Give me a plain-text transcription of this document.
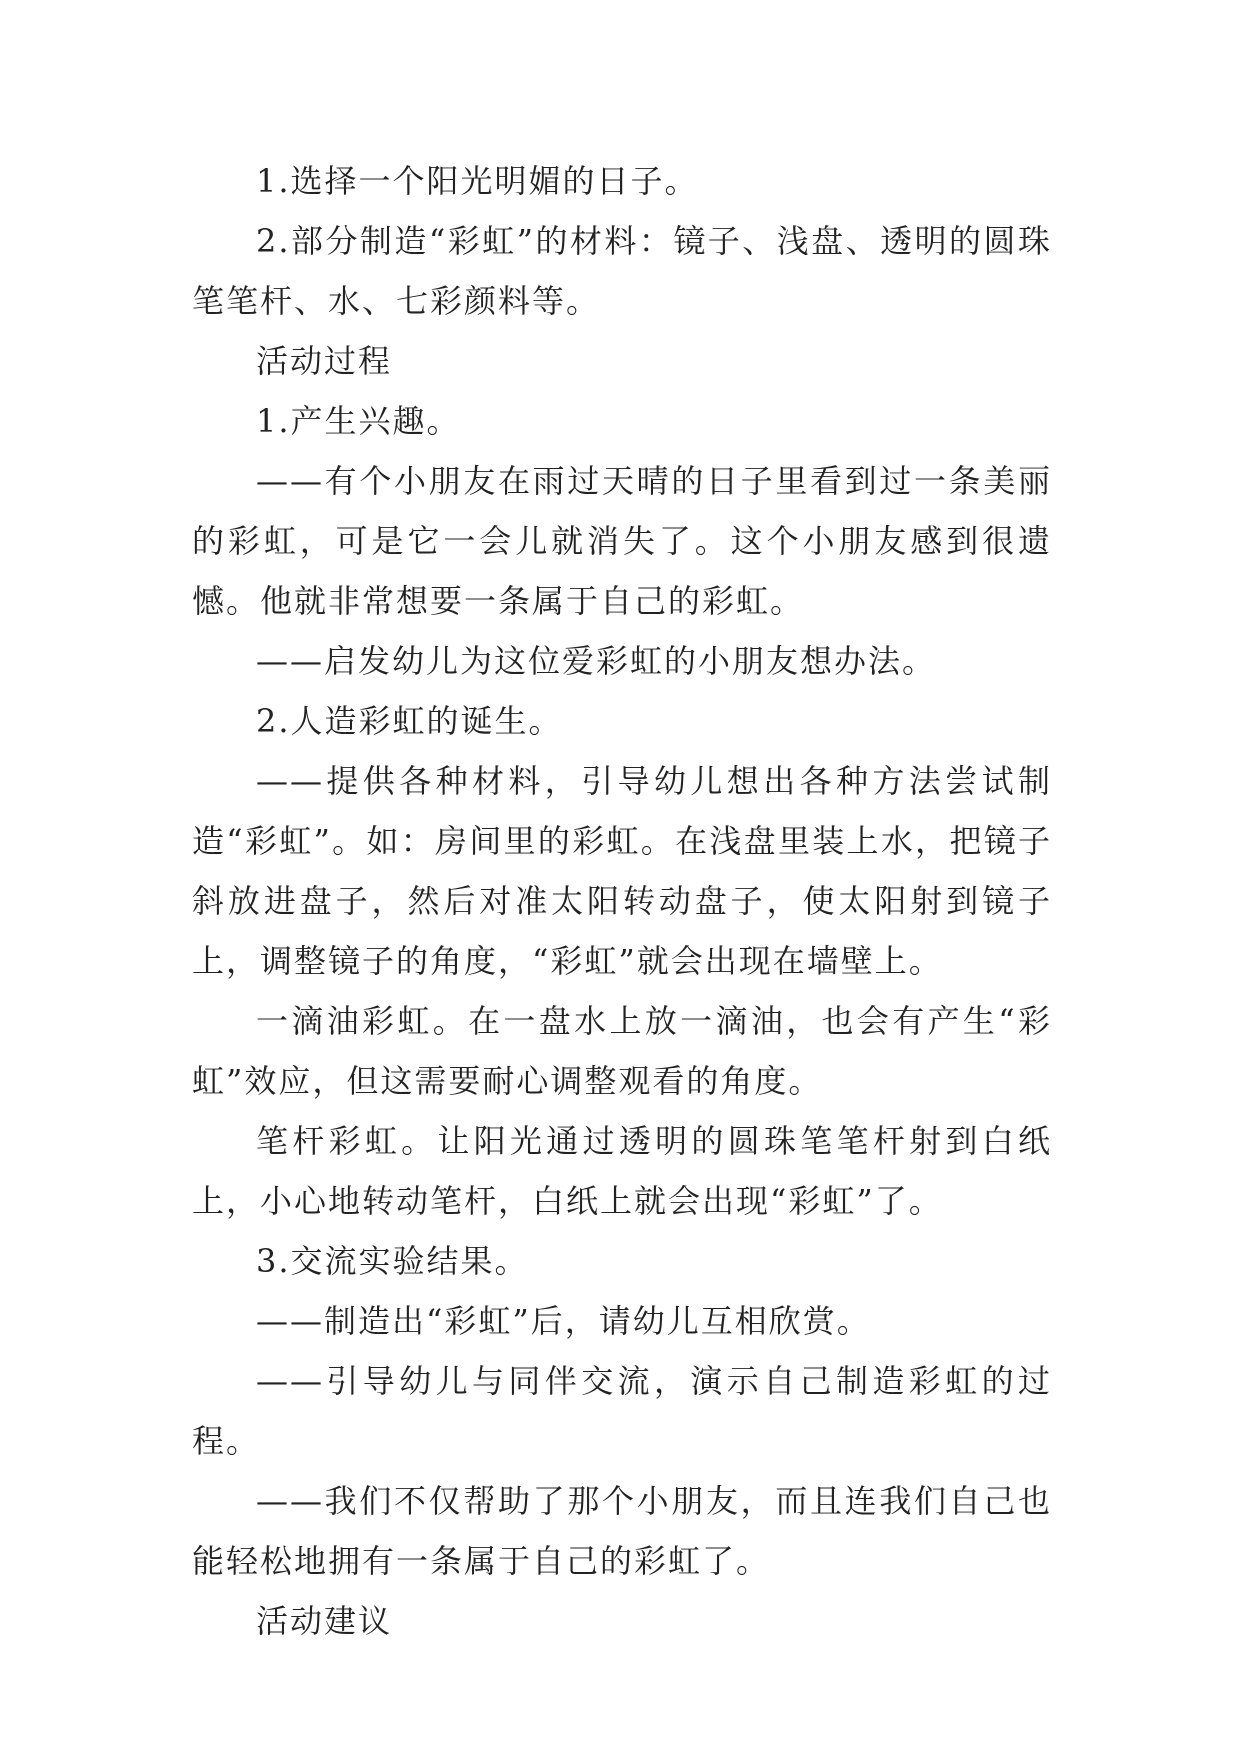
1.选择一个阳光明媚的日子。

2.部分制造“彩虹”的材料：镜子、浅盘、透明的圆珠笔笔杆、水、七彩颜料等。

活动过程

1.产生兴趣。

——有个小朋友在雨过天晴的日子里看到过一条美丽的彩虹，可是它一会儿就消失了。这个小朋友感到很遗憾。他就非常想要一条属于自己的彩虹。

——启发幼儿为这位爱彩虹的小朋友想办法。

2.人造彩虹的诞生。

——提供各种材料，引导幼儿想出各种方法尝试制造“彩虹”。如：房间里的彩虹。在浅盘里装上水，把镜子斜放进盘子，然后对准太阳转动盘子，使太阳射到镜子上，调整镜子的角度，“彩虹”就会出现在墙壁上。

一滴油彩虹。在一盘水上放一滴油，也会有产生“彩虹”效应，但这需要耐心调整观看的角度。

笔杆彩虹。让阳光通过透明的圆珠笔笔杆射到白纸上，小心地转动笔杆，白纸上就会出现“彩虹”了。

3.交流实验结果。

——制造出“彩虹”后，请幼儿互相欣赏。

——引导幼儿与同伴交流，演示自己制造彩虹的过程。

——我们不仅帮助了那个小朋友，而且连我们自己也能轻松地拥有一条属于自己的彩虹了。

活动建议
